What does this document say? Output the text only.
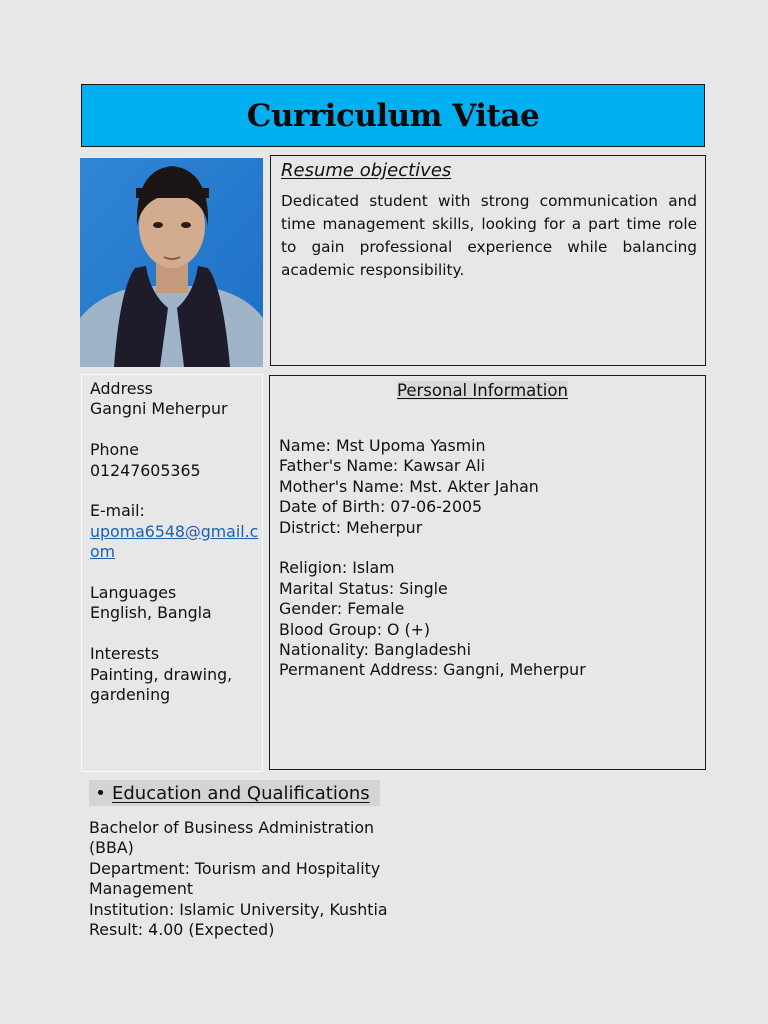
Curriculum Vitae
Resume objectives

Dedicated student with strong communication and time management skills, looking for a part time role to gain professional experience while balancing academic responsibility.

Address
Gangni Meherpur
Phone
01247605365
E-mail:
upoma6548@gmail.com
Languages
English, Bangla
Interests
Painting, drawing, gardening
Personal Information
Name: Mst Upoma Yasmin
Father's Name: Kawsar Ali
Mother's Name: Mst. Akter Jahan
Date of Birth: 07-06-2005
District: Meherpur
Religion: Islam
Marital Status: Single
Gender: Female
Blood Group: O (+)
Nationality: Bangladeshi
Permanent Address: Gangni, Meherpur
• Education and Qualifications
Bachelor of Business Administration (BBA)
Department: Tourism and Hospitality Management
Institution: Islamic University, Kushtia
Result: 4.00 (Expected)
